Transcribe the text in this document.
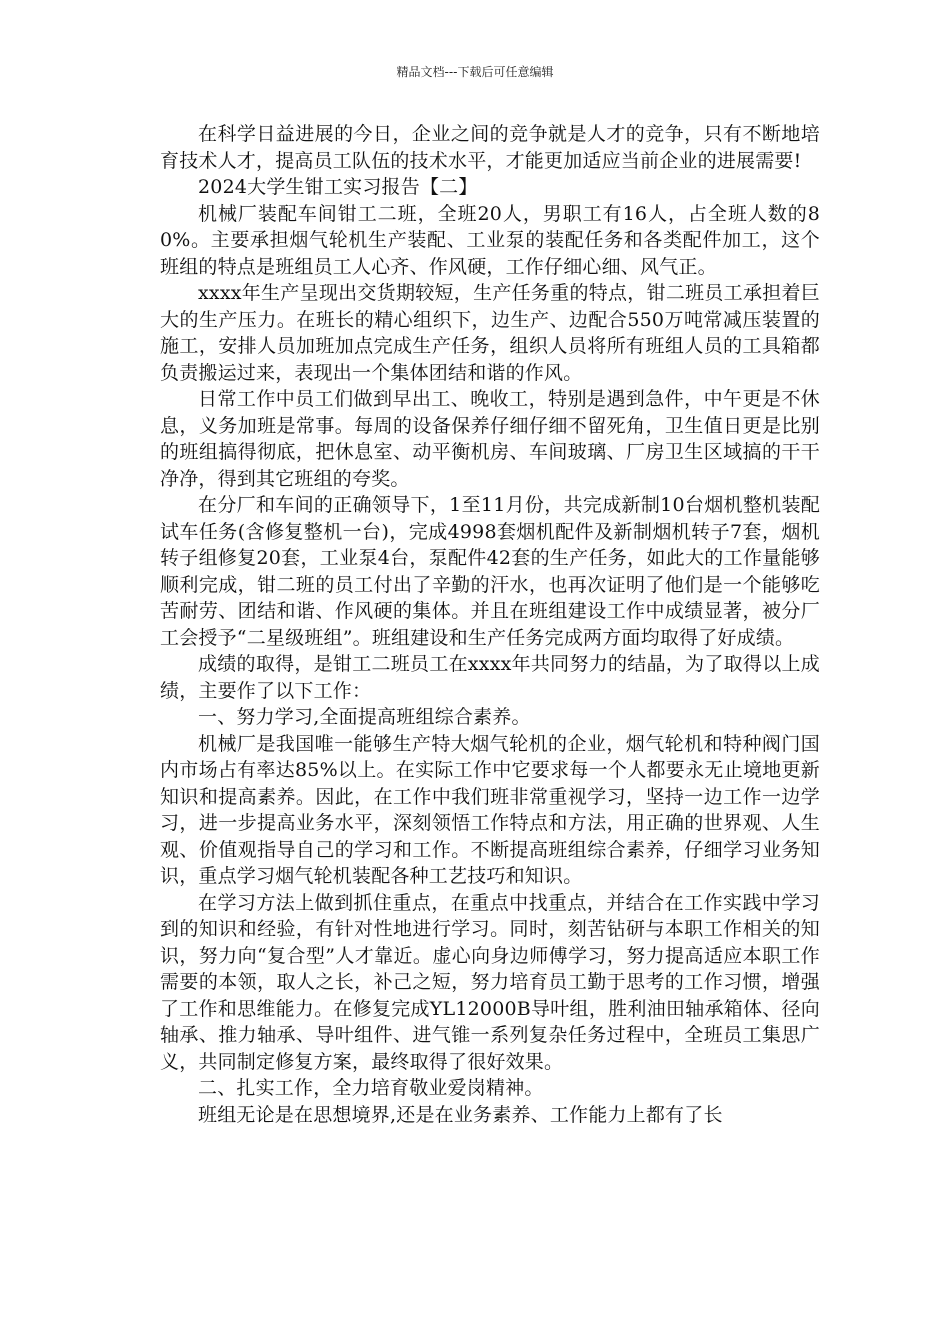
精品文档---下载后可任意编辑

在科学日益进展的今日，企业之间的竞争就是人才的竞争，只有不断地培育技术人才，提高员工队伍的技术水平，才能更加适应当前企业的进展需要!

2024大学生钳工实习报告【二】

机械厂装配车间钳工二班，全班20人，男职工有16人，占全班人数的80%。主要承担烟气轮机生产装配、工业泵的装配任务和各类配件加工，这个班组的特点是班组员工人心齐、作风硬，工作仔细心细、风气正。

xxxx年生产呈现出交货期较短，生产任务重的特点，钳二班员工承担着巨大的生产压力。在班长的精心组织下，边生产、边配合550万吨常减压装置的施工，安排人员加班加点完成生产任务，组织人员将所有班组人员的工具箱都负责搬运过来，表现出一个集体团结和谐的作风。

日常工作中员工们做到早出工、晚收工，特别是遇到急件，中午更是不休息，义务加班是常事。每周的设备保养仔细仔细不留死角，卫生值日更是比别的班组搞得彻底，把休息室、动平衡机房、车间玻璃、厂房卫生区域搞的干干净净，得到其它班组的夸奖。

在分厂和车间的正确领导下，1至11月份，共完成新制10台烟机整机装配试车任务(含修复整机一台)，完成4998套烟机配件及新制烟机转子7套，烟机转子组修复20套，工业泵4台，泵配件42套的生产任务，如此大的工作量能够顺利完成，钳二班的员工付出了辛勤的汗水，也再次证明了他们是一个能够吃苦耐劳、团结和谐、作风硬的集体。并且在班组建设工作中成绩显著，被分厂工会授予“二星级班组”。班组建设和生产任务完成两方面均取得了好成绩。

成绩的取得，是钳工二班员工在xxxx年共同努力的结晶，为了取得以上成绩，主要作了以下工作：

一、努力学习,全面提高班组综合素养。

机械厂是我国唯一能够生产特大烟气轮机的企业，烟气轮机和特种阀门国内市场占有率达85%以上。在实际工作中它要求每一个人都要永无止境地更新知识和提高素养。因此，在工作中我们班非常重视学习，坚持一边工作一边学习，进一步提高业务水平，深刻领悟工作特点和方法，用正确的世界观、人生观、价值观指导自己的学习和工作。不断提高班组综合素养，仔细学习业务知识，重点学习烟气轮机装配各种工艺技巧和知识。

在学习方法上做到抓住重点，在重点中找重点，并结合在工作实践中学习到的知识和经验，有针对性地进行学习。同时，刻苦钻研与本职工作相关的知识，努力向“复合型”人才靠近。虚心向身边师傅学习，努力提高适应本职工作需要的本领，取人之长，补己之短，努力培育员工勤于思考的工作习惯，增强了工作和思维能力。在修复完成YL12000B导叶组，胜利油田轴承箱体、径向轴承、推力轴承、导叶组件、进气锥一系列复杂任务过程中，全班员工集思广义，共同制定修复方案，最终取得了很好效果。

二、扎实工作，全力培育敬业爱岗精神。

班组无论是在思想境界,还是在业务素养、工作能力上都有了长
